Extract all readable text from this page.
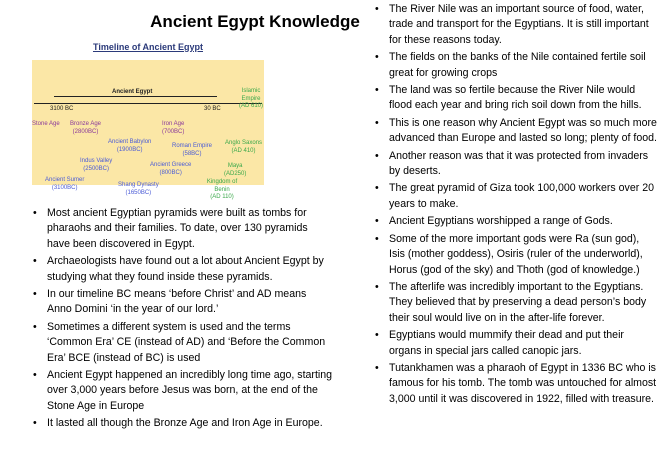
Ancient Egypt Knowledge
Timeline of Ancient Egypt
Ancient Egypt
3100 BC	30 BC
Stone Age Bronze Age
(2800BC)
Iron Age
(700BC)
Islamic Empire
(AD 610)
Ancient Babylon
(1900BC)
Roman Empire
(58BC)
Anglo Saxons
(AD 410)
Indus Valley
(2500BC)
Ancient Greece
(800BC)
Maya
(AD250)
Ancient Sumer
(3100BC)	Shang Dynasty
(1650BC)
Kingdom of Benin
(AD 110)
• Most ancient Egyptian pyramids were built as tombs for pharaohs and their families. To date, over 130 pyramids have been discovered in Egypt.
• Archaeologists have found out a lot about Ancient Egypt by studying what they found inside these pyramids.
• In our timeline BC means ‘before Christ’ and AD means Anno Domini ‘in the year of our lord.’
• Sometimes a different system is used and the terms ‘Common Era’ CE (instead of AD) and ‘Before the Common Era’ BCE (instead of BC) is used
• Ancient Egypt happened an incredibly long time ago, starting over 3,000 years before Jesus was born, at the end of the Stone Age in Europe
• It lasted all though the Bronze Age and Iron Age in Europe.
• The River Nile was an important source of food, water, trade and transport for the Egyptians. It is still important for these reasons today.
• The fields on the banks of the Nile contained fertile soil great for growing crops
• The land was so fertile because the River Nile would flood each year and bring rich soil down from the hills.
• This is one reason why Ancient Egypt was so much more advanced than Europe and lasted so long; plenty of food.
• Another reason was that it was protected from invaders by deserts.
• The great pyramid of Giza took 100,000 workers over 20 years to make.
• Ancient Egyptians worshipped a range of Gods.
• Some of the more important gods were Ra (sun god), Isis (mother goddess), Osiris (ruler of the underworld), Horus (god of the sky) and Thoth (god of knowledge.)
• The afterlife was incredibly important to the Egyptians. They believed that by preserving a dead person’s body their soul would live on in the after-life forever.
• Egyptians would mummify their dead and put their organs in special jars called canopic jars.
• Tutankhamen was a pharaoh of Egypt in 1336 BC who is famous for his tomb. The tomb was untouched for almost 3,000 until it was discovered in 1922, filled with treasure.
